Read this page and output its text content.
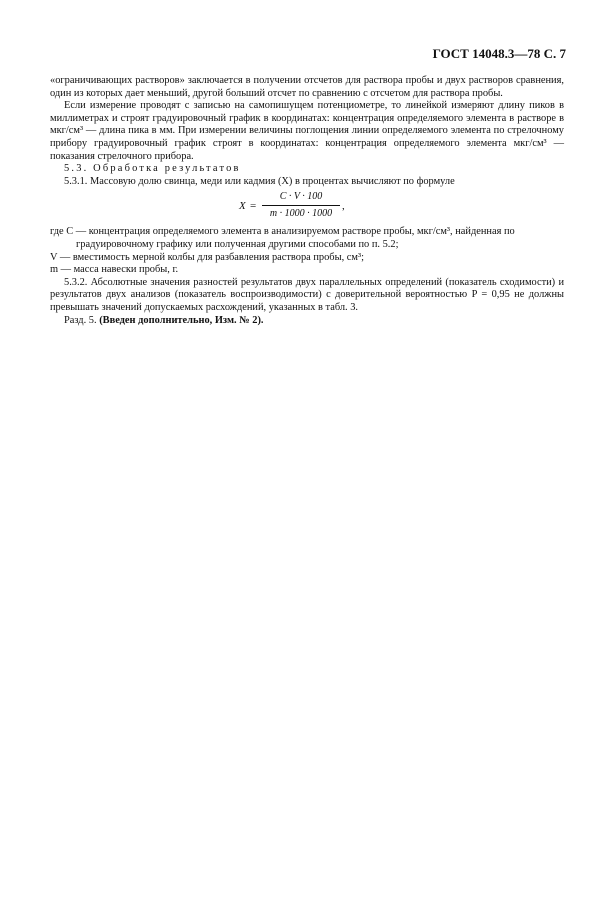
ГОСТ 14048.3—78 С. 7

«ограничивающих растворов» заключается в получении отсчетов для раствора пробы и двух растворов сравнения, один из которых дает меньший, другой больший отсчет по сравнению с отсчетом для раствора пробы.

Если измерение проводят с записью на самопишущем потенциометре, то линейкой измеряют длину пиков в миллиметрах и строят градуировочный график в координатах: концентрация определяемого элемента в растворе в мкг/см³ — длина пика в мм. При измерении величины поглощения линии определяемого элемента по стрелочному прибору градуировочный график строят в координатах: концентрация определяемого элемента мкг/см³ — показания стрелочного прибора.

5.3. Обработка результатов

5.3.1. Массовую долю свинца, меди или кадмия (X) в процентах вычисляют по формуле

$X = \frac{C \cdot V \cdot 100}{m \cdot 1000 \cdot 1000}$ ,

где C — концентрация определяемого элемента в анализируемом растворе пробы, мкг/см³, найденная по градуировочному графику или полученная другими способами по п. 5.2;

V — вместимость мерной колбы для разбавления раствора пробы, см³;

m — масса навески пробы, г.

5.3.2. Абсолютные значения разностей результатов двух параллельных определений (показатель сходимости) и результатов двух анализов (показатель воспроизводимости) с доверительной вероятностью P = 0,95 не должны превышать значений допускаемых расхождений, указанных в табл. 3.

Разд. 5. (Введен дополнительно, Изм. № 2).
